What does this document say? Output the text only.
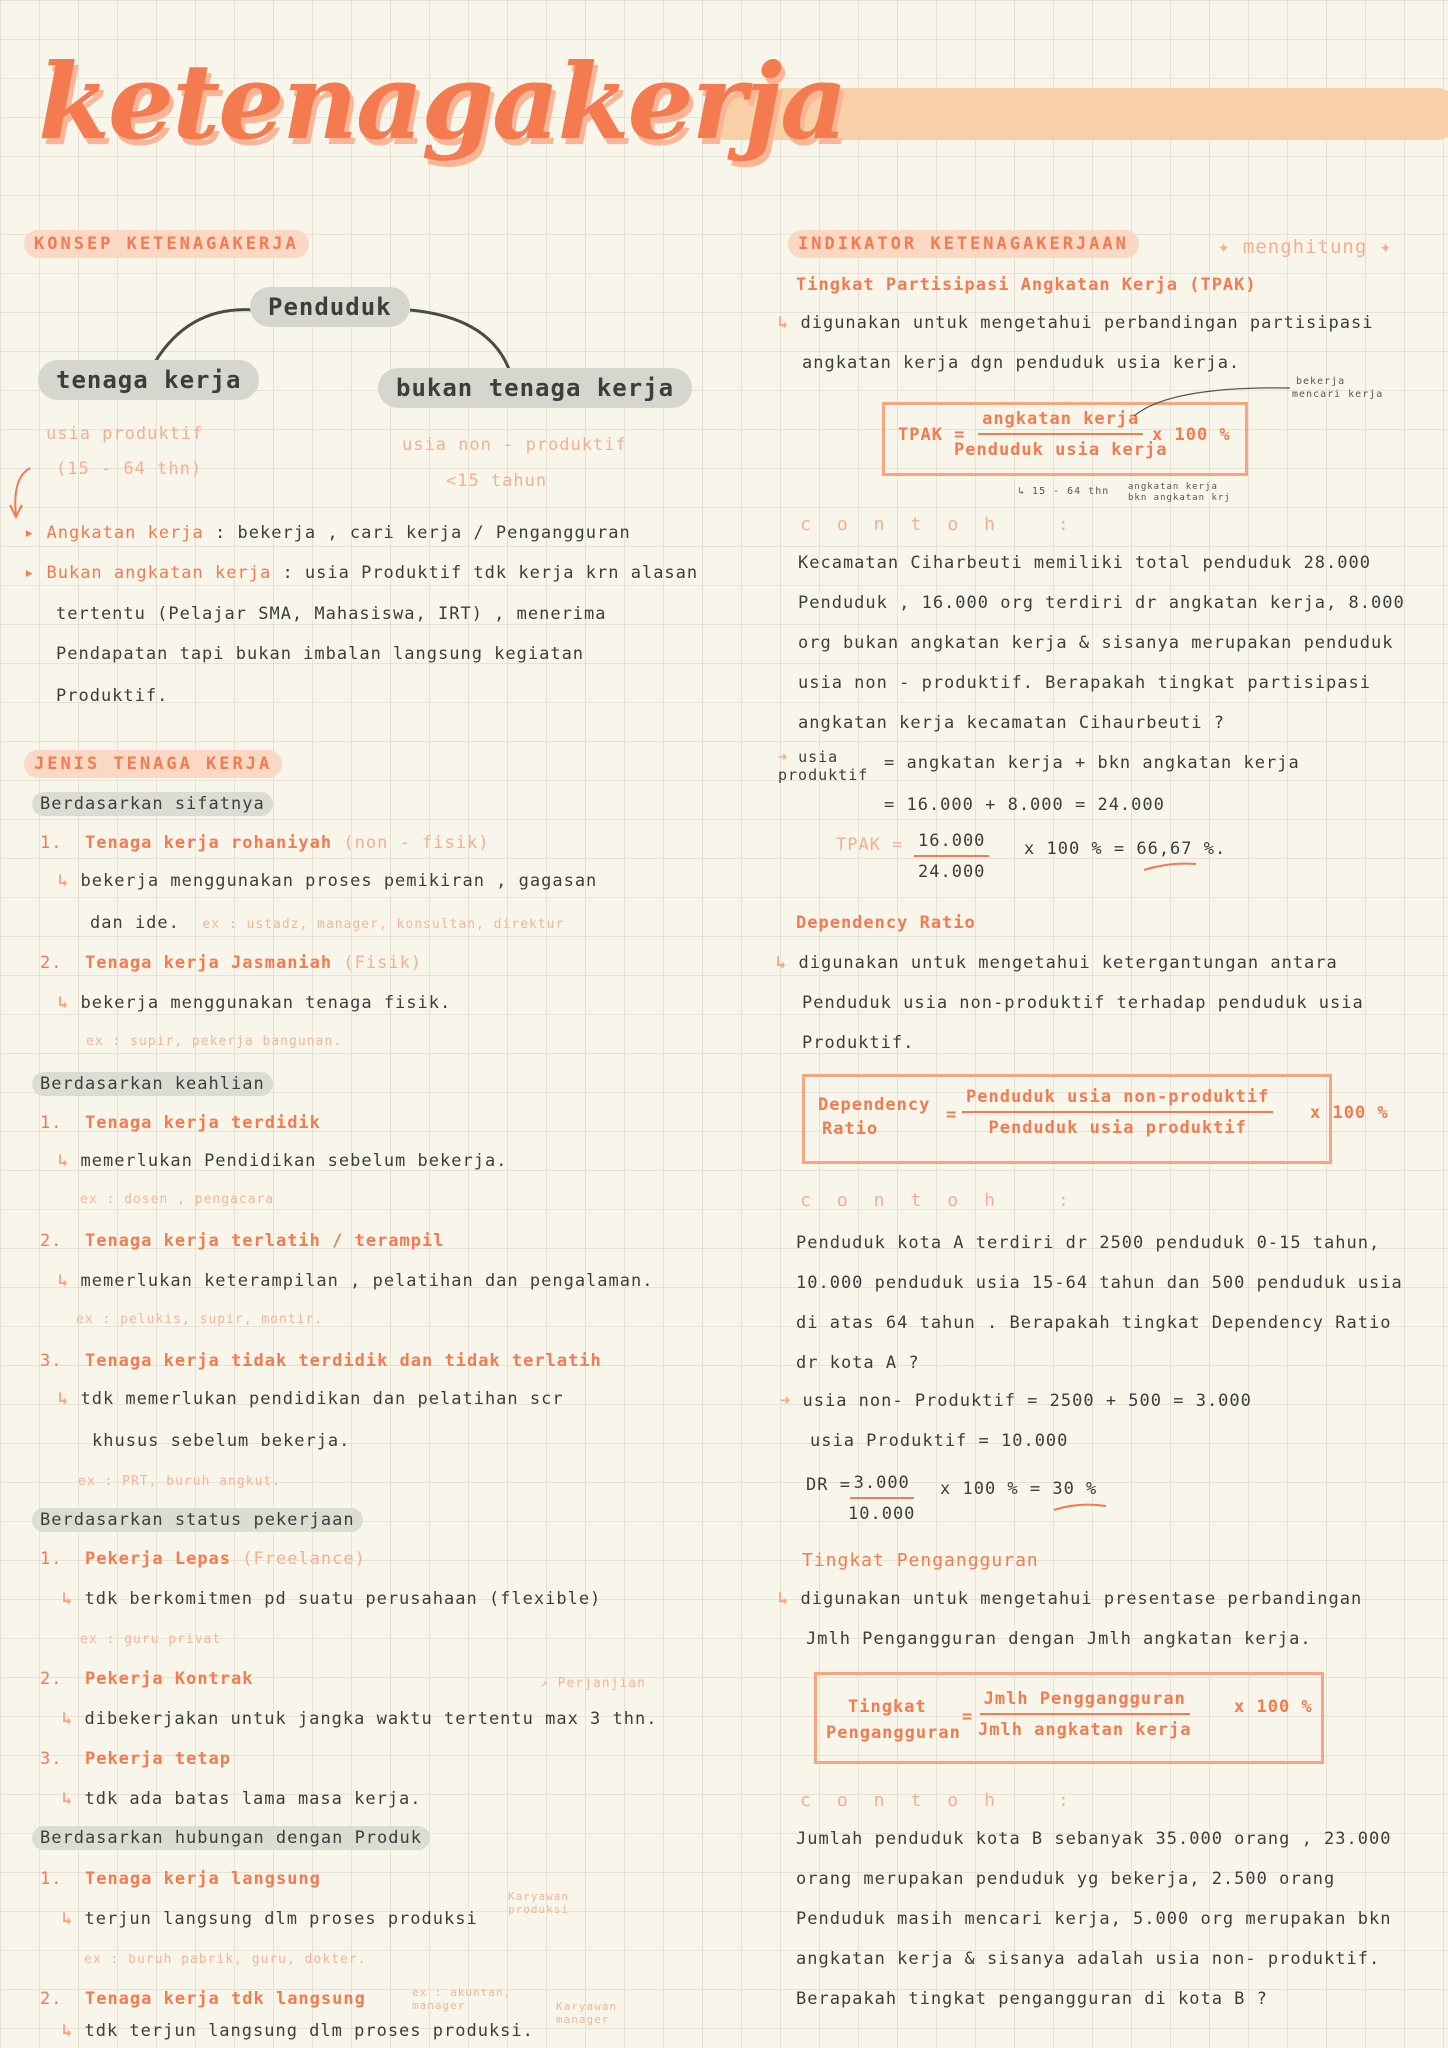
ketenagakerja
KONSEP KETENAGAKERJA
Penduduk
tenaga kerja	bukan tenaga kerja
usia produktif
(15 - 64 thn)
usia non - produktif
<15 tahun
▸ Angkatan kerja : bekerja , cari kerja / Pengangguran
▸ Bukan angkatan kerja : usia Produktif tdk kerja krn alasan
tertentu (Pelajar SMA, Mahasiswa, IRT) , menerima
Pendapatan tapi bukan imbalan langsung kegiatan
Produktif.
JENIS TENAGA KERJA
Berdasarkan sifatnya
1. Tenaga kerja rohaniyah (non - fisik)
↳ bekerja menggunakan proses pemikiran , gagasan
dan ide. ex : ustadz, manager, konsultan, direktur
2. Tenaga kerja Jasmaniah (Fisik)
↳ bekerja menggunakan tenaga fisik.
ex : supir, pekerja bangunan.
Berdasarkan keahlian
1. Tenaga kerja terdidik
↳ memerlukan Pendidikan sebelum bekerja.
ex : dosen , pengacara
2. Tenaga kerja terlatih / terampil
↳ memerlukan keterampilan , pelatihan dan pengalaman.
ex : pelukis, supir, montir.
3. Tenaga kerja tidak terdidik dan tidak terlatih
↳ tdk memerlukan pendidikan dan pelatihan scr
khusus sebelum bekerja.
ex : PRT, buruh angkut.
Berdasarkan status pekerjaan
1. Pekerja Lepas (Freelance)
↳ tdk berkomitmen pd suatu perusahaan (flexible)
ex : guru privat
2. Pekerja Kontrak	↗ Perjanjian
↳ dibekerjakan untuk jangka waktu tertentu max 3 thn.
3. Pekerja tetap
↳ tdk ada batas lama masa kerja.
Berdasarkan hubungan dengan Produk
1. Tenaga kerja langsung
↳ terjun langsung dlm proses produksi
Karyawan produksi
ex : buruh pabrik, guru, dokter.
2. Tenaga kerja tdk langsung	ex : akuntan, manager	Karyawan manager
↳ tdk terjun langsung dlm proses produksi.
INDIKATOR KETENAGAKERJAAN	✦ menghitung ✦
Tingkat Partisipasi Angkatan Kerja (TPAK)
↳ digunakan untuk mengetahui perbandingan partisipasi
angkatan kerja dgn penduduk usia kerja.
TPAK =
angkatan kerja
Penduduk usia kerja
x 100 %
bekerja
mencari kerja
↳ 15 - 64 thn angkatan kerja
bkn angkatan krj
contoh :
Kecamatan Ciharbeuti memiliki total penduduk 28.000
Penduduk , 16.000 org terdiri dr angkatan kerja, 8.000
org bukan angkatan kerja & sisanya merupakan penduduk
usia non - produktif. Berapakah tingkat partisipasi
angkatan kerja kecamatan Cihaurbeuti ?
➜ usia produktif
= angkatan kerja + bkn angkatan kerja
= 16.000 + 8.000 = 24.000
TPAK = $\frac{16.000}{24.000}$ x 100 % = 66,67 %.
Dependency Ratio
↳ digunakan untuk mengetahui ketergantungan antara
Penduduk usia non-produktif terhadap penduduk usia
Produktif.
Dependency
Ratio
=
Penduduk usia non-produktif
Penduduk usia produktif
x 100 %
contoh :
Penduduk kota A terdiri dr 2500 penduduk 0-15 tahun,
10.000 penduduk usia 15-64 tahun dan 500 penduduk usia
di atas 64 tahun . Berapakah tingkat Dependency Ratio
dr kota A ?
➜ usia non- Produktif = 2500 + 500 = 3.000
usia Produktif = 10.000
DR =
$\frac{3.000}{10.000}$ x 100 % = 30 %
Tingkat Pengangguran
↳ digunakan untuk mengetahui presentase perbandingan
Jmlh Pengangguran dengan Jmlh angkatan kerja.
Tingkat
Pengangguran
=
Jmlh Penggangguran
Jmlh angkatan kerja
x 100 %
contoh :
Jumlah penduduk kota B sebanyak 35.000 orang , 23.000
orang merupakan penduduk yg bekerja, 2.500 orang
Penduduk masih mencari kerja, 5.000 org merupakan bkn
angkatan kerja & sisanya adalah usia non- produktif.
Berapakah tingkat pengangguran di kota B ?
